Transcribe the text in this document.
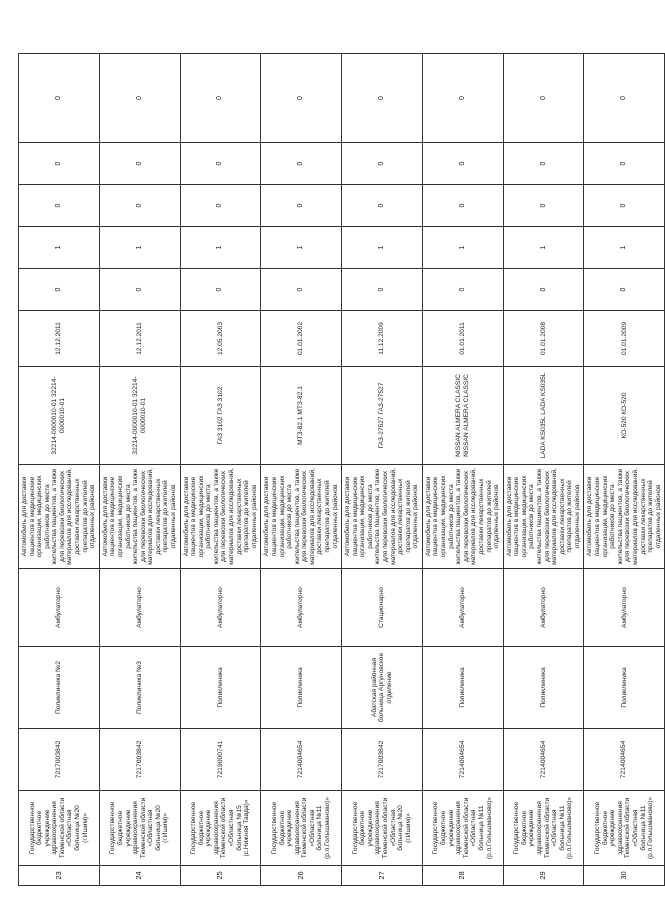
23	Государственное бюджетное учреждение здравоохранения Тюменской области «Областная больница №20 (г.Ишим)»	7217003842	Поликлиника №2	Амбулаторно	Автомобиль для доставки пациентов в медицинские организации, медицинских работников до места жительства пациентов, а также для перевозки биологических материалов для исследований, доставки лекарственных препаратов до жителей отдаленных районов	32214-0000010-01 32214-0000010-01	12.12.2011	0	1	0	0	0
24	Государственное бюджетное учреждение здравоохранения Тюменской области «Областная больница №20 (г.Ишим)»	7217003842	Поликлиника №3	Амбулаторно	Автомобиль для доставки пациентов в медицинские организации, медицинских работников до места жительства пациентов, а также для перевозки биологических материалов для исследований, доставки лекарственных препаратов до жителей отдаленных районов	32214-0000010-01 32214-0000010-01	12.12.2011	0	1	0	0	0
25	Государственное бюджетное учреждение здравоохранения Тюменской области «Областная больница №15 (с.Нижняя Тавда)»	7219000741	Поликлиника	Амбулаторно	Автомобиль для доставки пациентов в медицинские организации, медицинских работников до места жительства пациентов, а также для перевозки биологических материалов для исследований, доставки лекарственных препаратов до жителей отдаленных районов	ГАЗ 3102 ГАЗ 3102	12.05.2003	0	1	0	0	0
26	Государственное бюджетное учреждение здравоохранения Тюменской области «Областная больница №11 (р.п.Голышманово)»	7214004654	Поликлиника	Амбулаторно	Автомобиль для доставки пациентов в медицинские организации, медицинских работников до места жительства пациентов, а также для перевозки биологических материалов для исследований, доставки лекарственных препаратов до жителей отдаленных районов	МТЗ-82.1 МТЗ-82.1	01.01.2002	0	1	0	0	0
27	Государственное бюджетное учреждение здравоохранения Тюменской области «Областная больница №20 (г.Ишим)»	7217003842	Абатская районная больница Аргуновское отделение	Стационарно	Автомобиль для доставки пациентов в медицинские организации, медицинских работников до места жительства пациентов, а также для перевозки биологических материалов для исследований, доставки лекарственных препаратов до жителей отдаленных районов	ГАЗ-27527 ГАЗ-27527	11.12.2009	0	1	0	0	0
28	Государственное бюджетное учреждение здравоохранения Тюменской области «Областная больница №11 (р.п.Голышманово)»	7214004654	Поликлиника	Амбулаторно	Автомобиль для доставки пациентов в медицинские организации, медицинских работников до места жительства пациентов, а также для перевозки биологических материалов для исследований, доставки лекарственных препаратов до жителей отдаленных районов	NISSAN ALMERA CLASSIC NISSAN ALMERA CLASSIC	01.01.2011	0	1	0	0	0
29	Государственное бюджетное учреждение здравоохранения Тюменской области «Областная больница №11 (р.п.Голышманово)»	7214004654	Поликлиника	Амбулаторно	Автомобиль для доставки пациентов в медицинские организации, медицинских работников до места жительства пациентов, а также для перевозки биологических материалов для исследований, доставки лекарственных препаратов до жителей отдаленных районов	LADA KS035L LADA KS035L	01.01.2008	0	1	0	0	0
30	Государственное бюджетное учреждение здравоохранения Тюменской области «Областная больница №11 (р.п.Голышманово)»	7214004654	Поликлиника	Амбулаторно	Автомобиль для доставки пациентов в медицинские организации, медицинских работников до места жительства пациентов, а также для перевозки биологических материалов для исследований, доставки лекарственных препаратов до жителей отдаленных районов	КО-520 КО-520	01.01.2009	0	1	0	0	0
